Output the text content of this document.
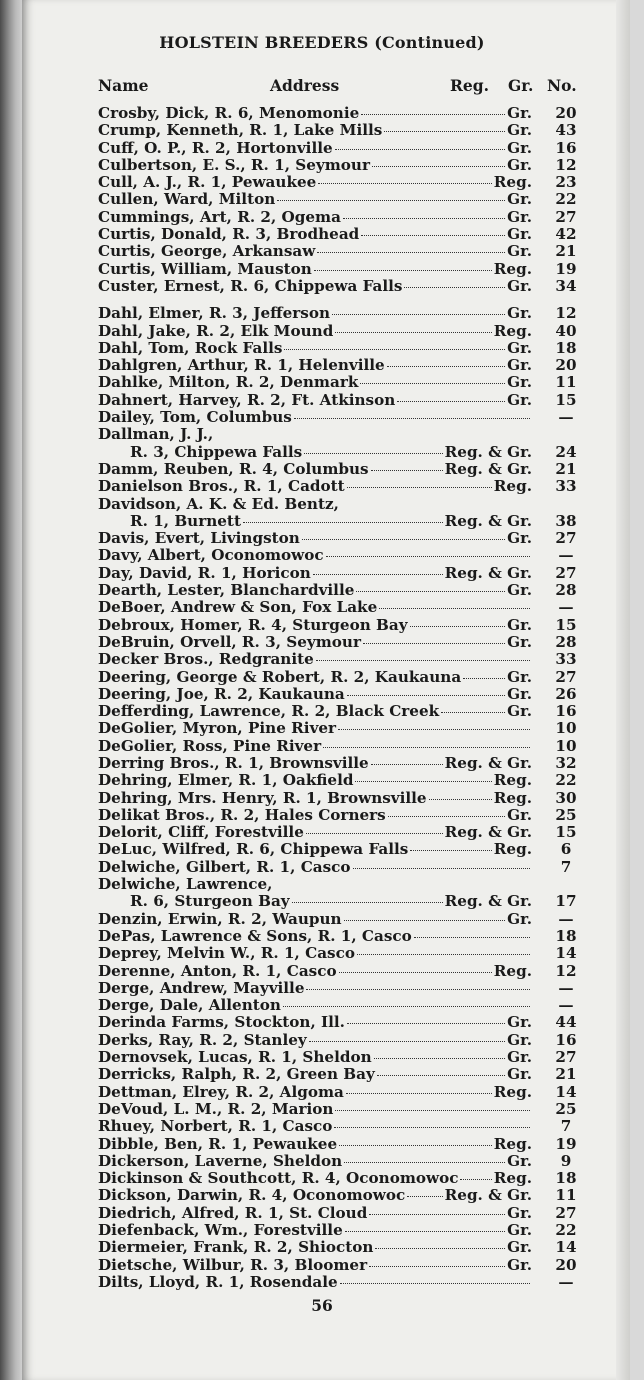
HOLSTEIN BREEDERS (Continued)
Name	Address	Reg. Gr. No.
Crosby, Dick, R. 6, Menomonie	Gr. 20
Crump, Kenneth, R. 1, Lake Mills	Gr. 43
Cuff, O. P., R. 2, Hortonville	Gr. 16
Culbertson, E. S., R. 1, Seymour	Gr. 12
Cull, A. J., R. 1, Pewaukee	Reg. 23
Cullen, Ward, Milton	Gr. 22
Cummings, Art, R. 2, Ogema	Gr. 27
Curtis, Donald, R. 3, Brodhead	Gr. 42
Curtis, George, Arkansaw	Gr. 21
Curtis, William, Mauston	Reg. 19
Custer, Ernest, R. 6, Chippewa Falls	Gr. 34
Dahl, Elmer, R. 3, Jefferson	Gr. 12
Dahl, Jake, R. 2, Elk Mound	Reg. 40
Dahl, Tom, Rock Falls	Gr. 18
Dahlgren, Arthur, R. 1, Helenville	Gr. 20
Dahlke, Milton, R. 2, Denmark	Gr. 11
Dahnert, Harvey, R. 2, Ft. Atkinson	Gr. 15
Dailey, Tom, Columbus	—
Dallman, J. J.,
R. 3, Chippewa Falls	Reg. & Gr. 24
Damm, Reuben, R. 4, Columbus	Reg. & Gr. 21
Danielson Bros., R. 1, Cadott	Reg. 33
Davidson, A. K. & Ed. Bentz,
R. 1, Burnett	Reg. & Gr. 38
Davis, Evert, Livingston	Gr. 27
Davy, Albert, Oconomowoc	—
Day, David, R. 1, Horicon	Reg. & Gr. 27
Dearth, Lester, Blanchardville	Gr. 28
DeBoer, Andrew & Son, Fox Lake	—
Debroux, Homer, R. 4, Sturgeon Bay	Gr. 15
DeBruin, Orvell, R. 3, Seymour	Gr. 28
Decker Bros., Redgranite	33
Deering, George & Robert, R. 2, Kaukauna	Gr. 27
Deering, Joe, R. 2, Kaukauna	Gr. 26
Defferding, Lawrence, R. 2, Black Creek	Gr. 16
DeGolier, Myron, Pine River	10
DeGolier, Ross, Pine River	10
Derring Bros., R. 1, Brownsville	Reg. & Gr. 32
Dehring, Elmer, R. 1, Oakfield	Reg. 22
Dehring, Mrs. Henry, R. 1, Brownsville	Reg. 30
Delikat Bros., R. 2, Hales Corners	Gr. 25
Delorit, Cliff, Forestville	Reg. & Gr. 15
DeLuc, Wilfred, R. 6, Chippewa Falls	Reg.	6
Delwiche, Gilbert, R. 1, Casco	7
Delwiche, Lawrence,
R. 6, Sturgeon Bay	Reg. & Gr. 17
Denzin, Erwin, R. 2, Waupun	Gr.	—
DePas, Lawrence & Sons, R. 1, Casco	18
Deprey, Melvin W., R. 1, Casco	14
Derenne, Anton, R. 1, Casco	Reg. 12
Derge, Andrew, Mayville	—
Derge, Dale, Allenton	—
Derinda Farms, Stockton, Ill.	Gr. 44
Derks, Ray, R. 2, Stanley	Gr. 16
Dernovsek, Lucas, R. 1, Sheldon	Gr. 27
Derricks, Ralph, R. 2, Green Bay	Gr. 21
Dettman, Elrey, R. 2, Algoma	Reg. 14
DeVoud, L. M., R. 2, Marion	25
Rhuey, Norbert, R. 1, Casco	7
Dibble, Ben, R. 1, Pewaukee	Reg. 19
Dickerson, Laverne, Sheldon	Gr.	9
Dickinson & Southcott, R. 4, Oconomowoc Reg. 18
Dickson, Darwin, R. 4, Oconomowoc	Reg. & Gr. 11
Diedrich, Alfred, R. 1, St. Cloud	Gr. 27
Diefenback, Wm., Forestville	Gr. 22
Diermeier, Frank, R. 2, Shiocton	Gr. 14
Dietsche, Wilbur, R. 3, Bloomer	Gr. 20
Dilts, Lloyd, R. 1, Rosendale	—
56
